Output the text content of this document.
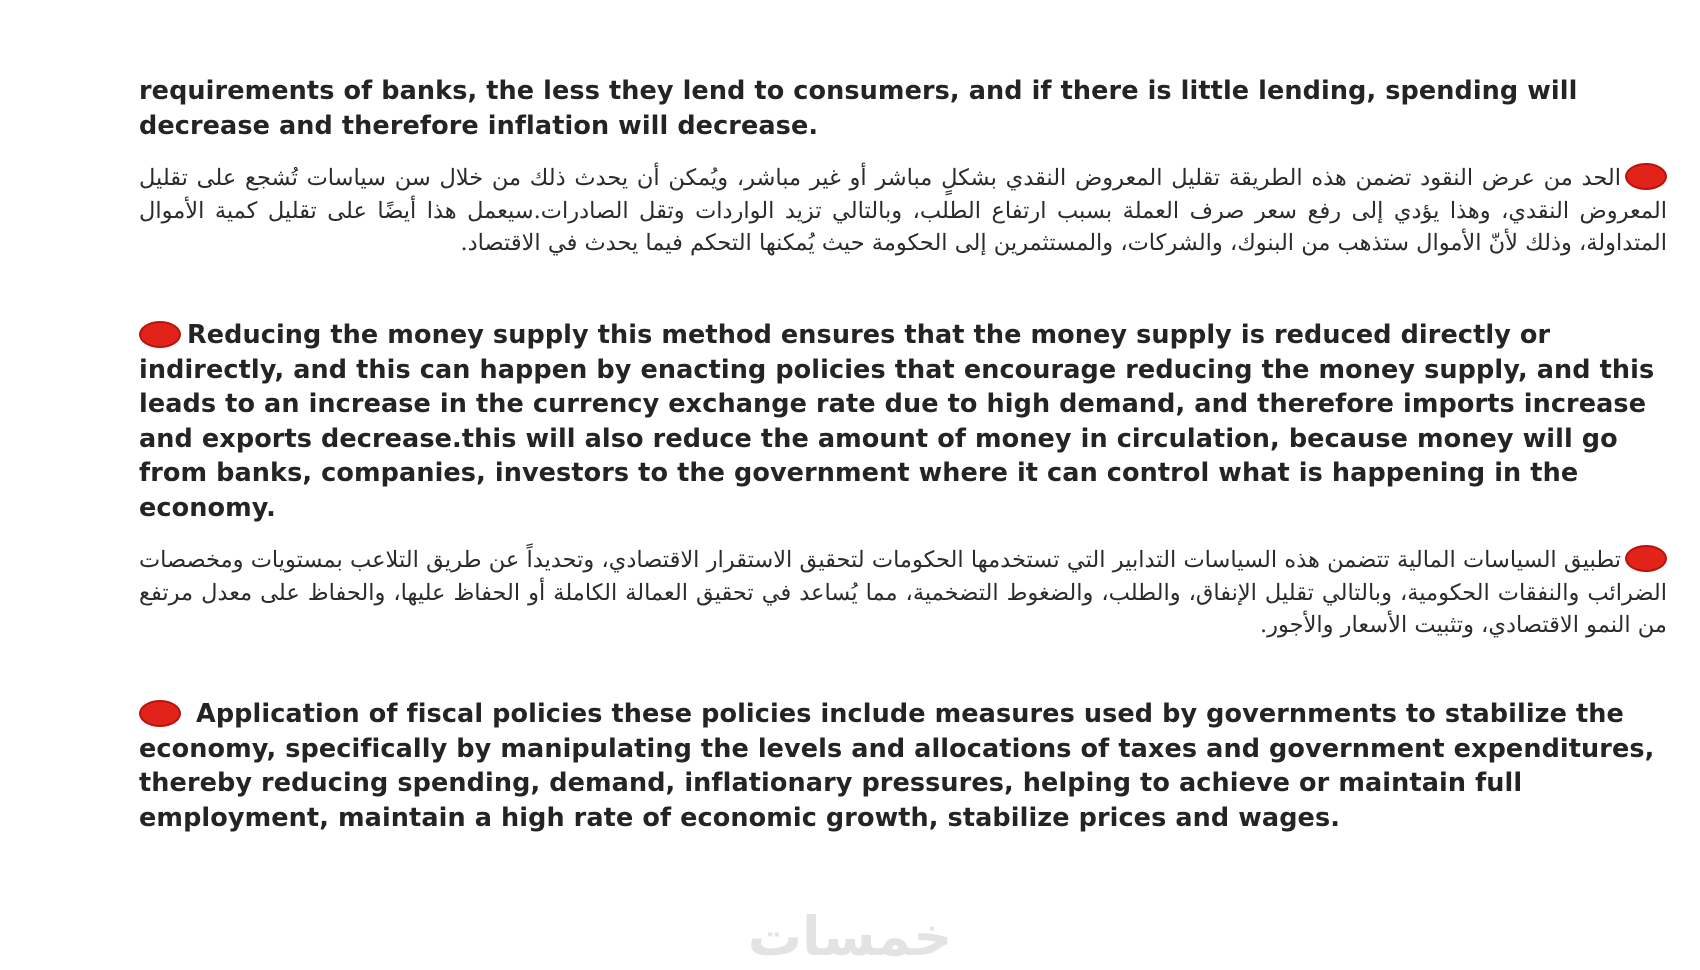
requirements of banks, the less they lend to consumers, and if there is little lending, spending will decrease and therefore inflation will decrease.

الحد من عرض النقود تضمن هذه الطريقة تقليل المعروض النقدي بشكلٍ مباشر أو غير مباشر، ويُمكن أن يحدث ذلك من خلال سن سياسات تُشجع على تقليل المعروض النقدي، وهذا يؤدي إلى رفع سعر صرف العملة بسبب ارتفاع الطلب، وبالتالي تزيد الواردات وتقل الصادرات.سيعمل هذا أيضًا على تقليل كمية الأموال المتداولة، وذلك لأنّ الأموال ستذهب من البنوك، والشركات، والمستثمرين إلى الحكومة حيث يُمكنها التحكم فيما يحدث في الاقتصاد.

Reducing the money supply this method ensures that the money supply is reduced directly or indirectly, and this can happen by enacting policies that encourage reducing the money supply, and this leads to an increase in the currency exchange rate due to high demand, and therefore imports increase and exports decrease.this will also reduce the amount of money in circulation, because money will go from banks, companies, investors to the government where it can control what is happening in the economy.

تطبيق السياسات المالية تتضمن هذه السياسات التدابير التي تستخدمها الحكومات لتحقيق الاستقرار الاقتصادي، وتحديداً عن طريق التلاعب بمستويات ومخصصات الضرائب والنفقات الحكومية، وبالتالي تقليل الإنفاق، والطلب، والضغوط التضخمية، مما يُساعد في تحقيق العمالة الكاملة أو الحفاظ عليها، والحفاظ على معدل مرتفع من النمو الاقتصادي، وتثبيت الأسعار والأجور.

Application of fiscal policies these policies include measures used by governments to stabilize the economy, specifically by manipulating the levels and allocations of taxes and government expenditures, thereby reducing spending, demand, inflationary pressures, helping to achieve or maintain full employment, maintain a high rate of economic growth, stabilize prices and wages.

خمسات
